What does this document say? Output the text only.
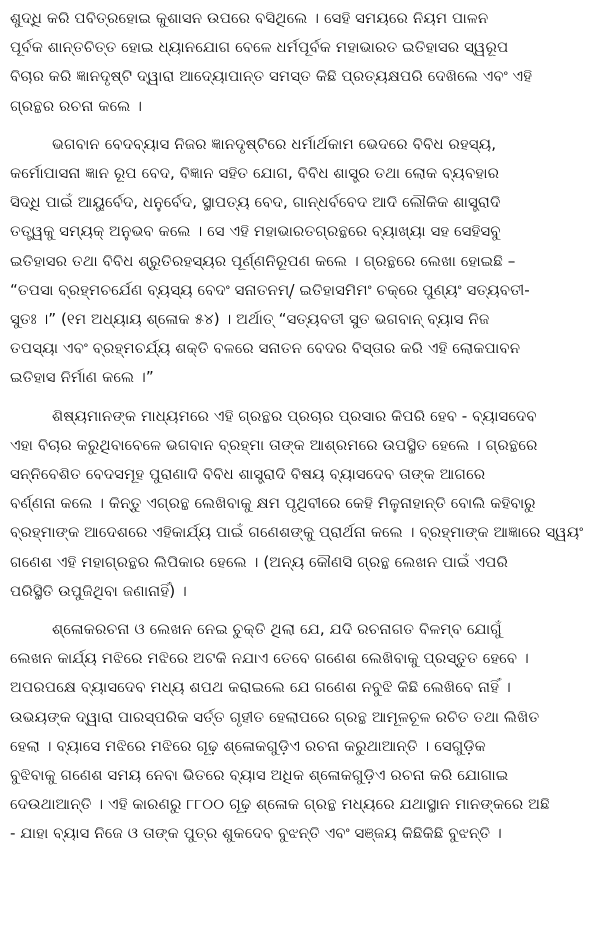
ଶୁଦ୍ଧି କରି ପବିତ୍ରହୋଇ କୁଶାସନ ଉପରେ ବସିଥିଲେ । ସେହି ସମୟରେ ନିୟମ ପାଳନ
ପୂର୍ବକ ଶାନ୍ତଚିତ୍ତ ହୋଇ ଧ୍ୟାନଯୋଗ ବେଳେ ଧର୍ମପୂର୍ବକ ମହାଭାରତ ଇତିହାସର ସ୍ୱରୂପ
ବିଚାର କରି ଜ୍ଞାନଦୃଷ୍ଟି ଦ୍ୱାରା ଆଦ୍ୟୋପାନ୍ତ ସମସ୍ତ କିଛି ପ୍ରତ୍ୟକ୍ଷପରି ଦେଖିଲେ ଏବଂ ଏହି
ଗ୍ରନ୍ଥର ରଚନା କଲେ ।

ଭଗବାନ ବେଦବ୍ୟାସ ନିଜର ଜ୍ଞାନଦୃଷ୍ଟିରେ ଧର୍ମାର୍ଥକାମ ଭେଦରେ ବିବିଧ ରହସ୍ୟ,
କର୍ମୋପାସନା ଜ୍ଞାନ ରୂପ ବେଦ, ବିଜ୍ଞାନ ସହିତ ଯୋଗ, ବିବିଧ ଶାସ୍ତ୍ର ତଥା ଲୋକ ବ୍ୟବହାର
ସିଦ୍ଧି ପାଇଁ ଆୟୁର୍ବେଦ, ଧନୁର୍ବେଦ, ସ୍ଥାପତ୍ୟ ବେଦ, ଗାନ୍ଧର୍ବବେଦ ଆଦି ଲୌକିକ ଶାସ୍ତ୍ରାଦି
ତତ୍ତ୍ୱକୁ ସମ୍ୟକ୍ ଅନୁଭବ କଲେ । ସେ ଏହି ମହାଭାରତଗ୍ରନ୍ଥରେ ବ୍ୟାଖ୍ୟା ସହ ସେହିସବୁ
ଇତିହାସର ତଥା ବିବିଧ ଶ୍ରୁତିରହସ୍ୟର ପୂର୍ଣ୍ଣନିରୂପଣ କଲେ । ଗ୍ରନ୍ଥରେ ଲେଖା ହୋଇଛି –
“ତପସା ବ୍ରହ୍ମଚର୍ଯେଣ ବ୍ୟସ୍ୟ ବେଦଂ ସନାତନମ୍/ ଇତିହାସମିମଂ ଚକ୍ରେ ପୁଣ୍ୟଂ ସତ୍ୟବତୀ-
ସୁତଃ ।” (୧ମ ଅଧ୍ୟାୟ ଶ୍ଳୋକ ୫୪) । ଅର୍ଥାତ୍ “ସତ୍ୟବତୀ ସୁତ ଭଗବାନ୍ ବ୍ୟାସ ନିଜ
ତପସ୍ୟା ଏବଂ ବ୍ରହ୍ମଚର୍ଯ୍ୟ ଶକ୍ତି ବଳରେ ସନାତନ ବେଦର ବିସ୍ତାର କରି ଏହି ଲୋକପାବନ
ଇତିହାସ ନିର୍ମାଣ କଲେ ।”

ଶିଷ୍ୟମାନଙ୍କ ମାଧ୍ୟମରେ ଏହି ଗ୍ରନ୍ଥର ପ୍ରଚାର ପ୍ରସାର କିପରି ହେବ - ବ୍ୟାସଦେବ
ଏହା ବିଚାର କରୁଥିବାବେଳେ ଭଗବାନ ବ୍ରହ୍ମା ତାଙ୍କ ଆଶ୍ରମରେ ଉପସ୍ଥିତ ହେଲେ । ଗ୍ରନ୍ଥରେ
ସନ୍ନିବେଶିତ ବେଦସମୂହ ପୁରାଣାଦି ବିବିଧ ଶାସ୍ତ୍ରାଦି ବିଷୟ ବ୍ୟାସଦେବ ତାଙ୍କ ଆଗରେ
ବର୍ଣ୍ଣନା କଲେ । କିନ୍ତୁ ଏଗ୍ରନ୍ଥ ଲେଖିବାକୁ କ୍ଷମ ପୃଥିବୀରେ କେହି ମିଳୁନାହାନ୍ତି ବୋଲି କହିବାରୁ
ବ୍ରହ୍ମାଙ୍କ ଆଦେଶରେ ଏହିକାର୍ଯ୍ୟ ପାଇଁ ଗଣେଶଙ୍କୁ ପ୍ରାର୍ଥନା କଲେ । ବ୍ରହ୍ମାଙ୍କ ଆଜ୍ଞାରେ ସ୍ୱୟଂ
ଗଣେଶ ଏହି ମହାଗ୍ରନ୍ଥର ଲିପିକାର ହେଲେ । (ଅନ୍ୟ କୌଣସି ଗ୍ରନ୍ଥ ଲେଖନ ପାଇଁ ଏପରି
ପରିସ୍ଥିତି ଉପୁଜିଥିବା ଜଣାନାହିଁ) ।

ଶ୍ଳୋକରଚନା ଓ ଲେଖନ ନେଇ ଚୁକ୍ତି ଥିଲା ଯେ, ଯଦି ରଚନାଗତ ବିଳମ୍ବ ଯୋଗୁଁ
ଲେଖନ କାର୍ଯ୍ୟ ମଝିରେ ମଝିରେ ଅଟକି ନଯାଏ ତେବେ ଗଣେଶ ଲେଖିବାକୁ ପ୍ରସ୍ତୁତ ହେବେ ।
ଅପରପକ୍ଷେ ବ୍ୟାସଦେବ ମଧ୍ୟ ଶପଥ କରାଇଲେ ଯେ ଗଣେଶ ନବୁଝି କିଛି ଲେଖିବେ ନାହିଁ ।
ଉଭୟଙ୍କ ଦ୍ୱାରା ପାରସ୍ପରିକ ସର୍ତ୍ତ ଗୃହୀତ ହେଲାପରେ ଗ୍ରନ୍ଥ ଆମୂଳଚୂଳ ରଚିତ ତଥା ଲିଖିତ
ହେଲା । ବ୍ୟାସେ ମଝିରେ ମଝିରେ ଗୂଢ଼ ଶ୍ଳୋକଗୁଡ଼ିଏ ରଚନା କରୁଥାଆନ୍ତି । ସେଗୁଡ଼ିକ
ବୁଝିବାକୁ ଗଣେଶ ସମୟ ନେବା ଭିତରେ ବ୍ୟାସ ଅଧିକ ଶ୍ଳୋକଗୁଡ଼ିଏ ରଚନା କରି ଯୋଗାଇ
ଦେଉଥାଆନ୍ତି । ଏହି କାରଣରୁ ୮୮୦୦ ଗୂଢ଼ ଶ୍ଳୋକ ଗ୍ରନ୍ଥ ମଧ୍ୟରେ ଯଥାସ୍ଥାନ ମାନଙ୍କରେ ଅଛି
- ଯାହା ବ୍ୟାସ ନିଜେ ଓ ତାଙ୍କ ପୁତ୍ର ଶୁକଦେବ ବୁଝନ୍ତି ଏବଂ ସଞ୍ଜୟ କିଛିକିଛି ବୁଝନ୍ତି ।
